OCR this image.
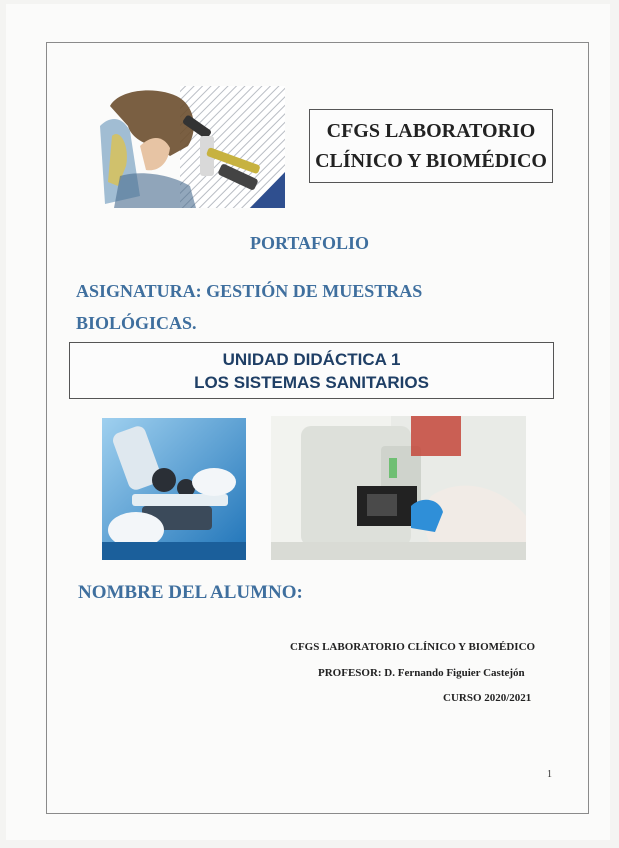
CFGS LABORATORIO
CLÍNICO Y BIOMÉDICO
PORTAFOLIO
ASIGNATURA: GESTIÓN DE MUESTRAS
BIOLÓGICAS.
UNIDAD DIDÁCTICA 1
LOS SISTEMAS SANITARIOS
NOMBRE DEL ALUMNO:
CFGS LABORATORIO CLÍNICO Y BIOMÉDICO
PROFESOR: D. Fernando Figuier Castejón
CURSO 2020/2021
1
